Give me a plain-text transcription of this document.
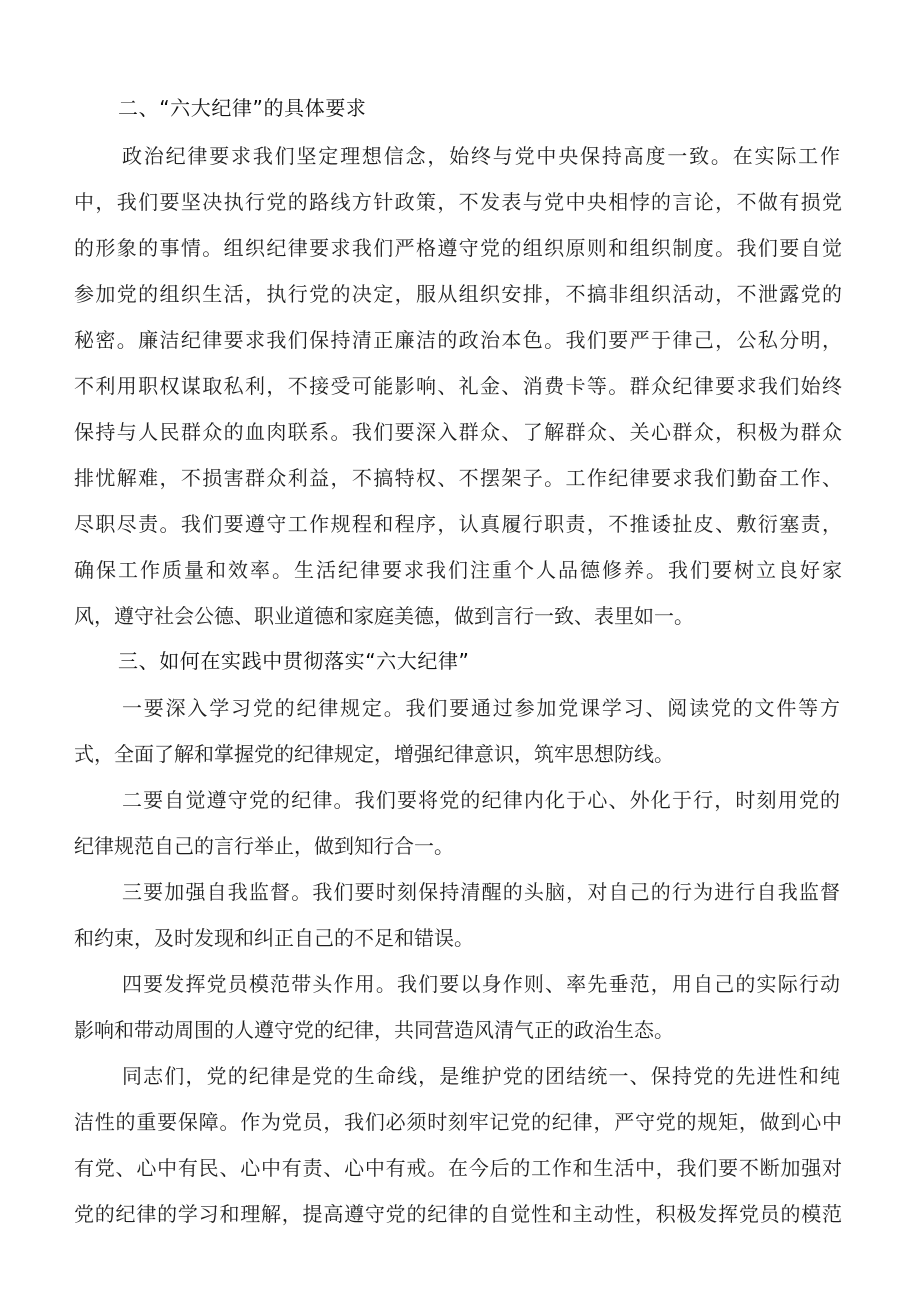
二、“六大纪律”的具体要求
政治纪律要求我们坚定理想信念，始终与党中央保持高度一致。在实际工作
中，我们要坚决执行党的路线方针政策，不发表与党中央相悖的言论，不做有损党
的形象的事情。组织纪律要求我们严格遵守党的组织原则和组织制度。我们要自觉
参加党的组织生活，执行党的决定，服从组织安排，不搞非组织活动，不泄露党的
秘密。廉洁纪律要求我们保持清正廉洁的政治本色。我们要严于律己，公私分明，
不利用职权谋取私利，不接受可能影响、礼金、消费卡等。群众纪律要求我们始终
保持与人民群众的血肉联系。我们要深入群众、了解群众、关心群众，积极为群众
排忧解难，不损害群众利益，不搞特权、不摆架子。工作纪律要求我们勤奋工作、
尽职尽责。我们要遵守工作规程和程序，认真履行职责，不推诿扯皮、敷衍塞责，
确保工作质量和效率。生活纪律要求我们注重个人品德修养。我们要树立良好家
风，遵守社会公德、职业道德和家庭美德，做到言行一致、表里如一。
三、如何在实践中贯彻落实“六大纪律”
一要深入学习党的纪律规定。我们要通过参加党课学习、阅读党的文件等方
式，全面了解和掌握党的纪律规定，增强纪律意识，筑牢思想防线。
二要自觉遵守党的纪律。我们要将党的纪律内化于心、外化于行，时刻用党的
纪律规范自己的言行举止，做到知行合一。
三要加强自我监督。我们要时刻保持清醒的头脑，对自己的行为进行自我监督
和约束，及时发现和纠正自己的不足和错误。
四要发挥党员模范带头作用。我们要以身作则、率先垂范，用自己的实际行动
影响和带动周围的人遵守党的纪律，共同营造风清气正的政治生态。
同志们，党的纪律是党的生命线，是维护党的团结统一、保持党的先进性和纯
洁性的重要保障。作为党员，我们必须时刻牢记党的纪律，严守党的规矩，做到心中
有党、心中有民、心中有责、心中有戒。在今后的工作和生活中，我们要不断加强对
党的纪律的学习和理解，提高遵守党的纪律的自觉性和主动性，积极发挥党员的模范
